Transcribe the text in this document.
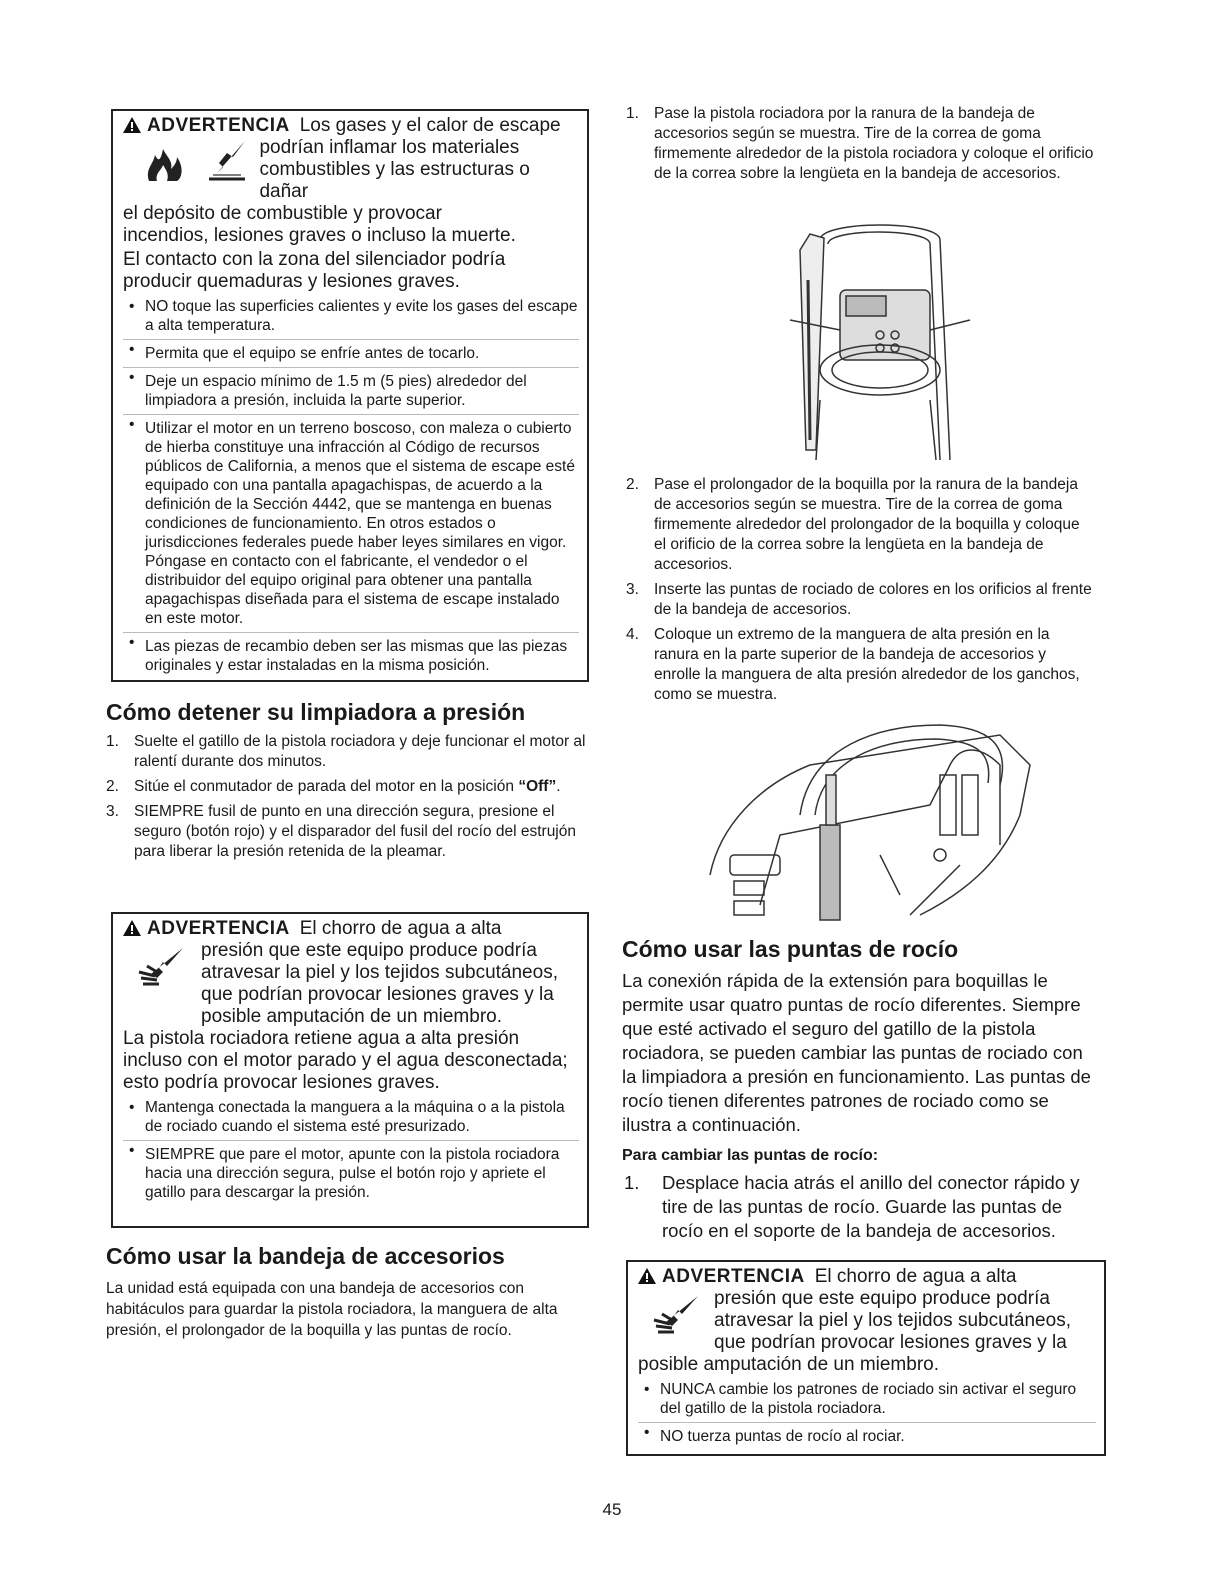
ADVERTENCIA Los gases y el calor de escape

podrían inflamar los materiales
combustibles y las estructuras o dañar
el depósito de combustible y provocar
incendios, lesiones graves o incluso la muerte.
El contacto con la zona del silenciador podría producir quemaduras y lesiones graves.
• NO toque las superficies calientes y evite los gases del escape a alta temperatura.
• Permita que el equipo se enfríe antes de tocarlo.
• Deje un espacio mínimo de 1.5 m (5 pies) alrededor del limpiadora a presión, incluida la parte superior.
• Utilizar el motor en un terreno boscoso, con maleza o cubierto de hierba constituye una infracción al Código de recursos públicos de California, a menos que el sistema de escape esté equipado con una pantalla apagachispas, de acuerdo a la definición de la Sección 4442, que se mantenga en buenas condiciones de funcionamiento. En otros estados o jurisdicciones federales puede haber leyes similares en vigor. Póngase en contacto con el fabricante, el vendedor o el distribuidor del equipo original para obtener una pantalla apagachispas diseñada para el sistema de escape instalado en este motor.
• Las piezas de recambio deben ser las mismas que las piezas originales y estar instaladas en la misma posición.
Cómo detener su limpiadora a presión
1. Suelte el gatillo de la pistola rociadora y deje funcionar el motor al ralentí durante dos minutos.
2. Sitúe el conmutador de parada del motor en la posición “Off”.
3. SIEMPRE fusil de punto en una dirección segura, presione el seguro (botón rojo) y el disparador del fusil del rocío del estrujón para liberar la presión retenida de la pleamar.
ADVERTENCIA El chorro de agua a alta
presión que este equipo produce podría
atravesar la piel y los tejidos subcutáneos,
que podrían provocar lesiones graves y la
posible amputación de un miembro.
La pistola rociadora retiene agua a alta presión incluso con el motor parado y el agua desconectada; esto podría provocar lesiones graves.
• Mantenga conectada la manguera a la máquina o a la pistola de rociado cuando el sistema esté presurizado.
• SIEMPRE que pare el motor, apunte con la pistola rociadora hacia una dirección segura, pulse el botón rojo y apriete el gatillo para descargar la presión.
Cómo usar la bandeja de accesorios
La unidad está equipada con una bandeja de accesorios con habitáculos para guardar la pistola rociadora, la manguera de alta presión, el prolongador de la boquilla y las puntas de rocío.
1. Pase la pistola rociadora por la ranura de la bandeja de accesorios según se muestra. Tire de la correa de goma firmemente alrededor de la pistola rociadora y coloque el orificio de la correa sobre la lengüeta en la bandeja de accesorios.
2. Pase el prolongador de la boquilla por la ranura de la bandeja de accesorios según se muestra. Tire de la correa de goma firmemente alrededor del prolongador de la boquilla y coloque el orificio de la correa sobre la lengüeta en la bandeja de accesorios.
3. Inserte las puntas de rociado de colores en los orificios al frente de la bandeja de accesorios.
4. Coloque un extremo de la manguera de alta presión en la ranura en la parte superior de la bandeja de accesorios y enrolle la manguera de alta presión alrededor de los ganchos, como se muestra.
Cómo usar las puntas de rocío
La conexión rápida de la extensión para boquillas le permite usar quatro puntas de rocío diferentes. Siempre que esté activado el seguro del gatillo de la pistola rociadora, se pueden cambiar las puntas de rociado con la limpiadora a presión en funcionamiento. Las puntas de rocío tienen diferentes patrones de rociado como se ilustra a continuación.
Para cambiar las puntas de rocío:
1. Desplace hacia atrás el anillo del conector rápido y tire de las puntas de rocío. Guarde las puntas de rocío en el soporte de la bandeja de accesorios.
ADVERTENCIA El chorro de agua a alta
presión que este equipo produce podría
atravesar la piel y los tejidos subcutáneos,
que podrían provocar lesiones graves y la
posible amputación de un miembro.
• NUNCA cambie los patrones de rociado sin activar el seguro del gatillo de la pistola rociadora.
• NO tuerza puntas de rocío al rociar.
45
